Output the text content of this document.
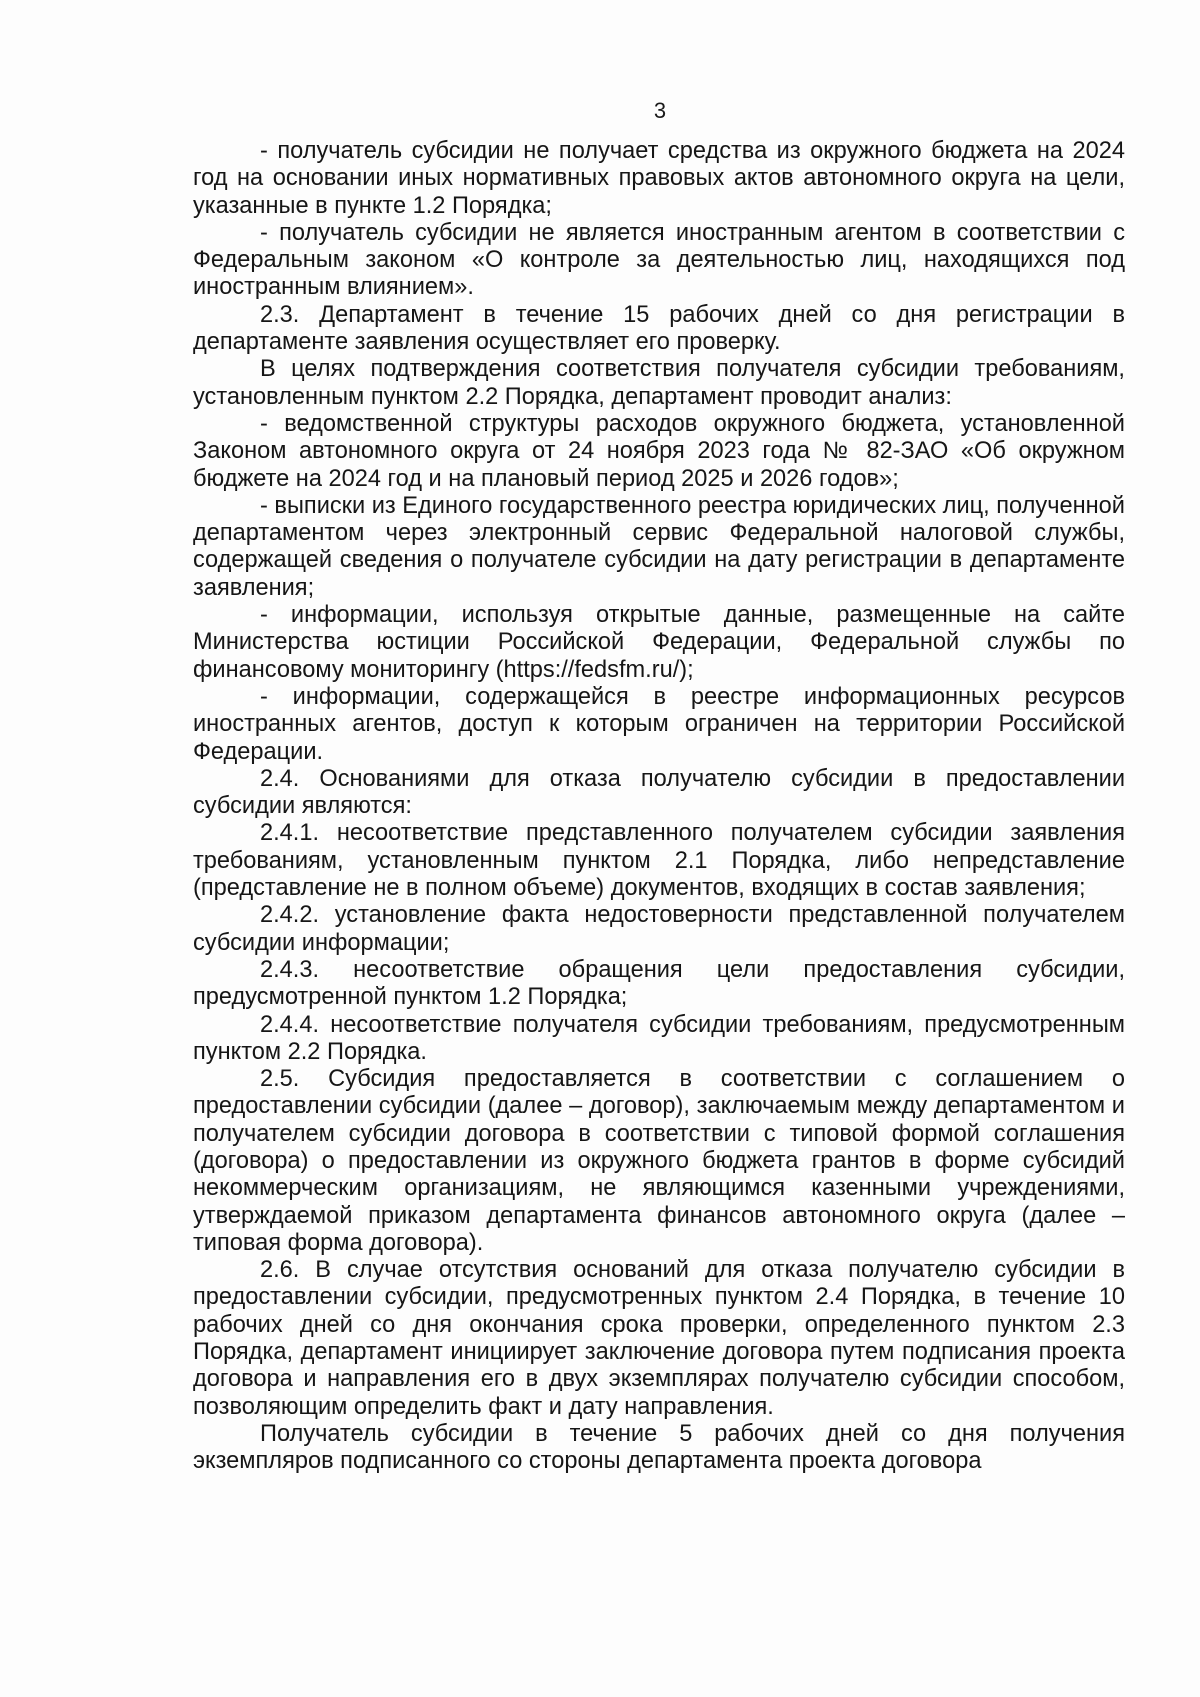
3

- получатель субсидии не получает средства из окружного бюджета на 2024 год на основании иных нормативных правовых актов автономного округа на цели, указанные в пункте 1.2 Порядка;

- получатель субсидии не является иностранным агентом в соответствии с Федеральным законом «О контроле за деятельностью лиц, находящихся под иностранным влиянием».

2.3. Департамент в течение 15 рабочих дней со дня регистрации в департаменте заявления осуществляет его проверку.

В целях подтверждения соответствия получателя субсидии требованиям, установленным пунктом 2.2 Порядка, департамент проводит анализ:

- ведомственной структуры расходов окружного бюджета, установленной Законом автономного округа от 24 ноября 2023 года № 82-ЗАО «Об окружном бюджете на 2024 год и на плановый период 2025 и 2026 годов»;

- выписки из Единого государственного реестра юридических лиц, полученной департаментом через электронный сервис Федеральной налоговой службы, содержащей сведения о получателе субсидии на дату регистрации в департаменте заявления;

- информации, используя открытые данные, размещенные на сайте Министерства юстиции Российской Федерации, Федеральной службы по финансовому мониторингу (https://fedsfm.ru/);

- информации, содержащейся в реестре информационных ресурсов иностранных агентов, доступ к которым ограничен на территории Российской Федерации.

2.4. Основаниями для отказа получателю субсидии в предоставлении субсидии являются:

2.4.1. несоответствие представленного получателем субсидии заявления требованиям, установленным пунктом 2.1 Порядка, либо непредставление (представление не в полном объеме) документов, входящих в состав заявления;

2.4.2. установление факта недостоверности представленной получателем субсидии информации;

2.4.3. несоответствие обращения цели предоставления субсидии, предусмотренной пунктом 1.2 Порядка;

2.4.4. несоответствие получателя субсидии требованиям, предусмотренным пунктом 2.2 Порядка.

2.5. Субсидия предоставляется в соответствии с соглашением о предоставлении субсидии (далее – договор), заключаемым между департаментом и получателем субсидии договора в соответствии с типовой формой соглашения (договора) о предоставлении из окружного бюджета грантов в форме субсидий некоммерческим организациям, не являющимся казенными учреждениями, утверждаемой приказом департамента финансов автономного округа (далее – типовая форма договора).

2.6. В случае отсутствия оснований для отказа получателю субсидии в предоставлении субсидии, предусмотренных пунктом 2.4 Порядка, в течение 10 рабочих дней со дня окончания срока проверки, определенного пунктом 2.3 Порядка, департамент инициирует заключение договора путем подписания проекта договора и направления его в двух экземплярах получателю субсидии способом, позволяющим определить факт и дату направления.

Получатель субсидии в течение 5 рабочих дней со дня получения экземпляров подписанного со стороны департамента проекта договора
